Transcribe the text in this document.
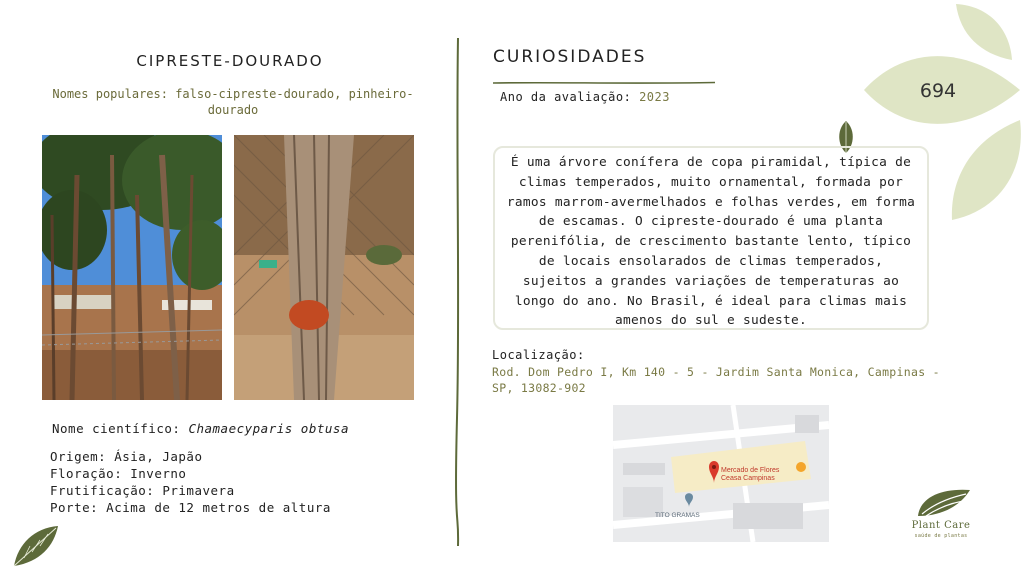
CIPRESTE-DOURADO
Nomes populares: falso-cipreste-dourado, pinheiro-dourado
Nome científico: Chamaecyparis obtusa
Origem: Ásia, Japão
Floração: Inverno
Frutificação: Primavera
Porte: Acima de 12 metros de altura
CURIOSIDADES
Ano da avaliação: 2023
É uma árvore conífera de copa piramidal, típica de climas temperados, muito ornamental, formada por ramos marrom-avermelhados e folhas verdes, em forma de escamas. O cipreste-dourado é uma planta perenifólia, de crescimento bastante lento, típico de locais ensolarados de climas temperados, sujeitos a grandes variações de temperaturas ao longo do ano. No Brasil, é ideal para climas mais amenos do sul e sudeste.
Localização:
Rod. Dom Pedro I, Km 140 - 5 - Jardim Santa Monica, Campinas - SP, 13082-902
Mercado de Flores
Ceasa Campinas
TITO GRAMAS
694
Plant Care
saúde de plantas
